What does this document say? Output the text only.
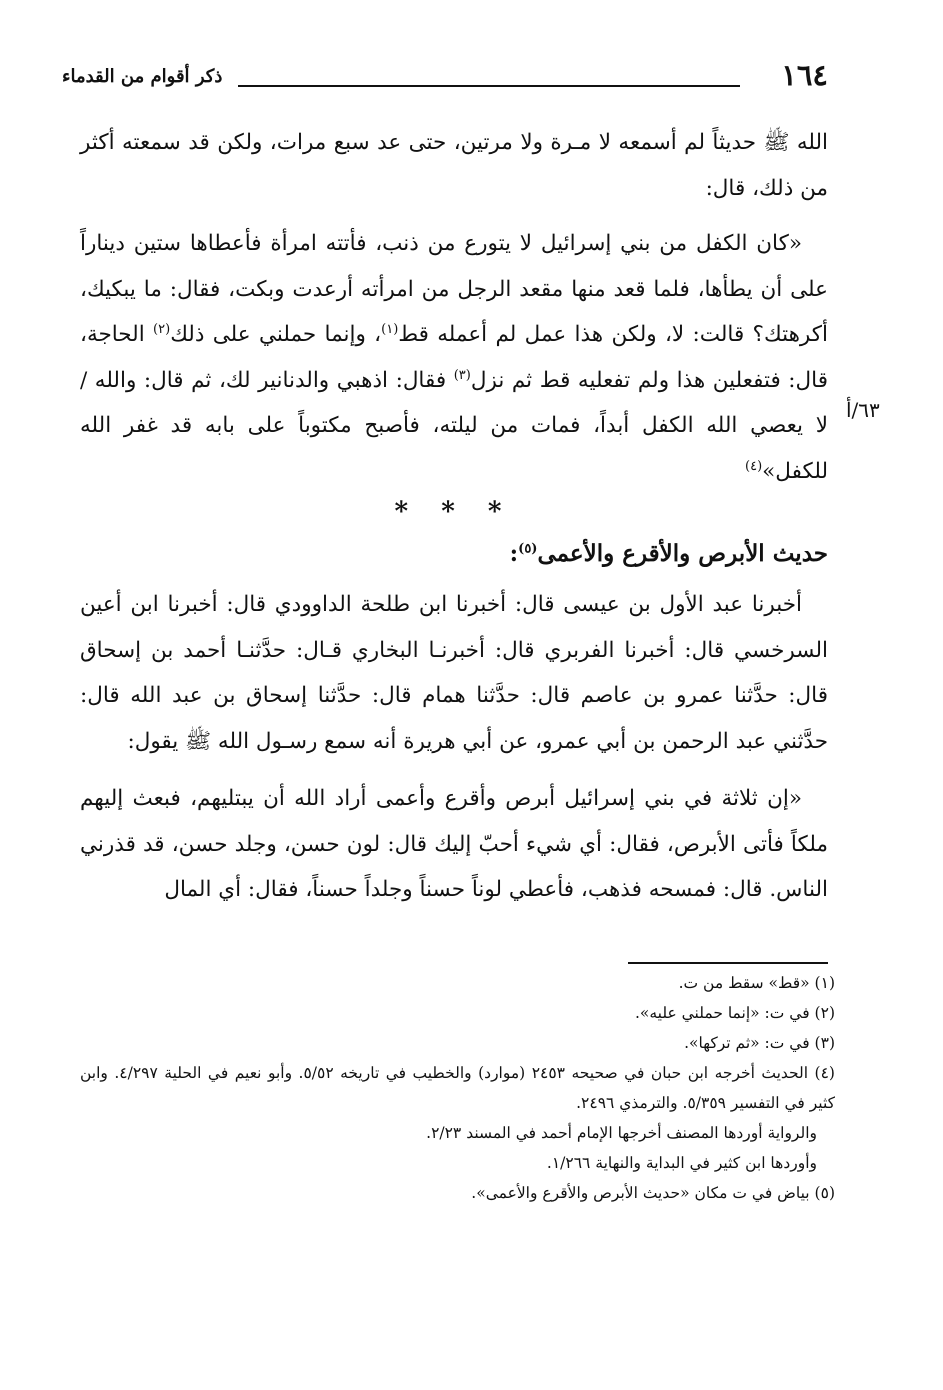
١٦٤
ذكر أقوام من القدماء
٦٣/أ

الله ﷺ حديثاً لم أسمعه لا مـرة ولا مرتين، حتى عد سبع مرات، ولكن قد سمعته أكثر من ذلك، قال:

«كان الكفل من بني إسرائيل لا يتورع من ذنب، فأتته امرأة فأعطاها ستين ديناراً على أن يطأها، فلما قعد منها مقعد الرجل من امرأته أرعدت وبكت، فقال: ما يبكيك، أكرهتك؟ قالت: لا، ولكن هذا عمل لم أعمله قط$^{(١)}$، وإنما حملني على ذلك$^{(٢)}$ الحاجة، قال: فتفعلين هذا ولم تفعليه قط ثم نزل$^{(٣)}$ فقال: اذهبي والدنانير لك، ثم قال: والله / لا يعصي الله الكفل أبداً، فمات من ليلته، فأصبح مكتوباً على بابه قد غفر الله للكفل»$^{(٤)}$

* * *

حديث الأبرص والأقرع والأعمى$^{(٥)}$:

أخبرنا عبد الأول بن عيسى قال: أخبرنا ابن طلحة الداوودي قال: أخبرنا ابن أعين السرخسي قال: أخبرنا الفربري قال: أخبرنـا البخاري قـال: حدَّثنـا أحمد بن إسحاق قال: حدَّثنا عمرو بن عاصم قال: حدَّثنا همام قال: حدَّثنا إسحاق بن عبد الله قال: حدَّثني عبد الرحمن بن أبي عمرو، عن أبي هريرة أنه سمع رسـول الله ﷺ يقول:

«إن ثلاثة في بني إسرائيل أبرص وأقرع وأعمى أراد الله أن يبتليهم، فبعث إليهم ملكاً فأتى الأبرص، فقال: أي شيء أحبّ إليك قال: لون حسن، وجلد حسن، قد قذرني الناس. قال: فمسحه فذهب، فأعطي لوناً حسناً وجلداً حسناً، فقال: أي المال

(١) «قط» سقط من ت.

(٢) في ت: «إنما حملني عليه».

(٣) في ت: «ثم تركها».

(٤) الحديث أخرجه ابن حبان في صحيحه ٢٤٥٣ (موارد) والخطيب في تاريخه ٥/٥٢. وأبو نعيم في الحلية ٤/٢٩٧. وابن كثير في التفسير ٥/٣٥٩. والترمذي ٢٤٩٦.

والرواية أوردها المصنف أخرجها الإمام أحمد في المسند ٢/٢٣.

وأوردها ابن كثير في البداية والنهاية ١/٢٦٦.

(٥) بياض في ت مكان «حديث الأبرص والأقرع والأعمى».
